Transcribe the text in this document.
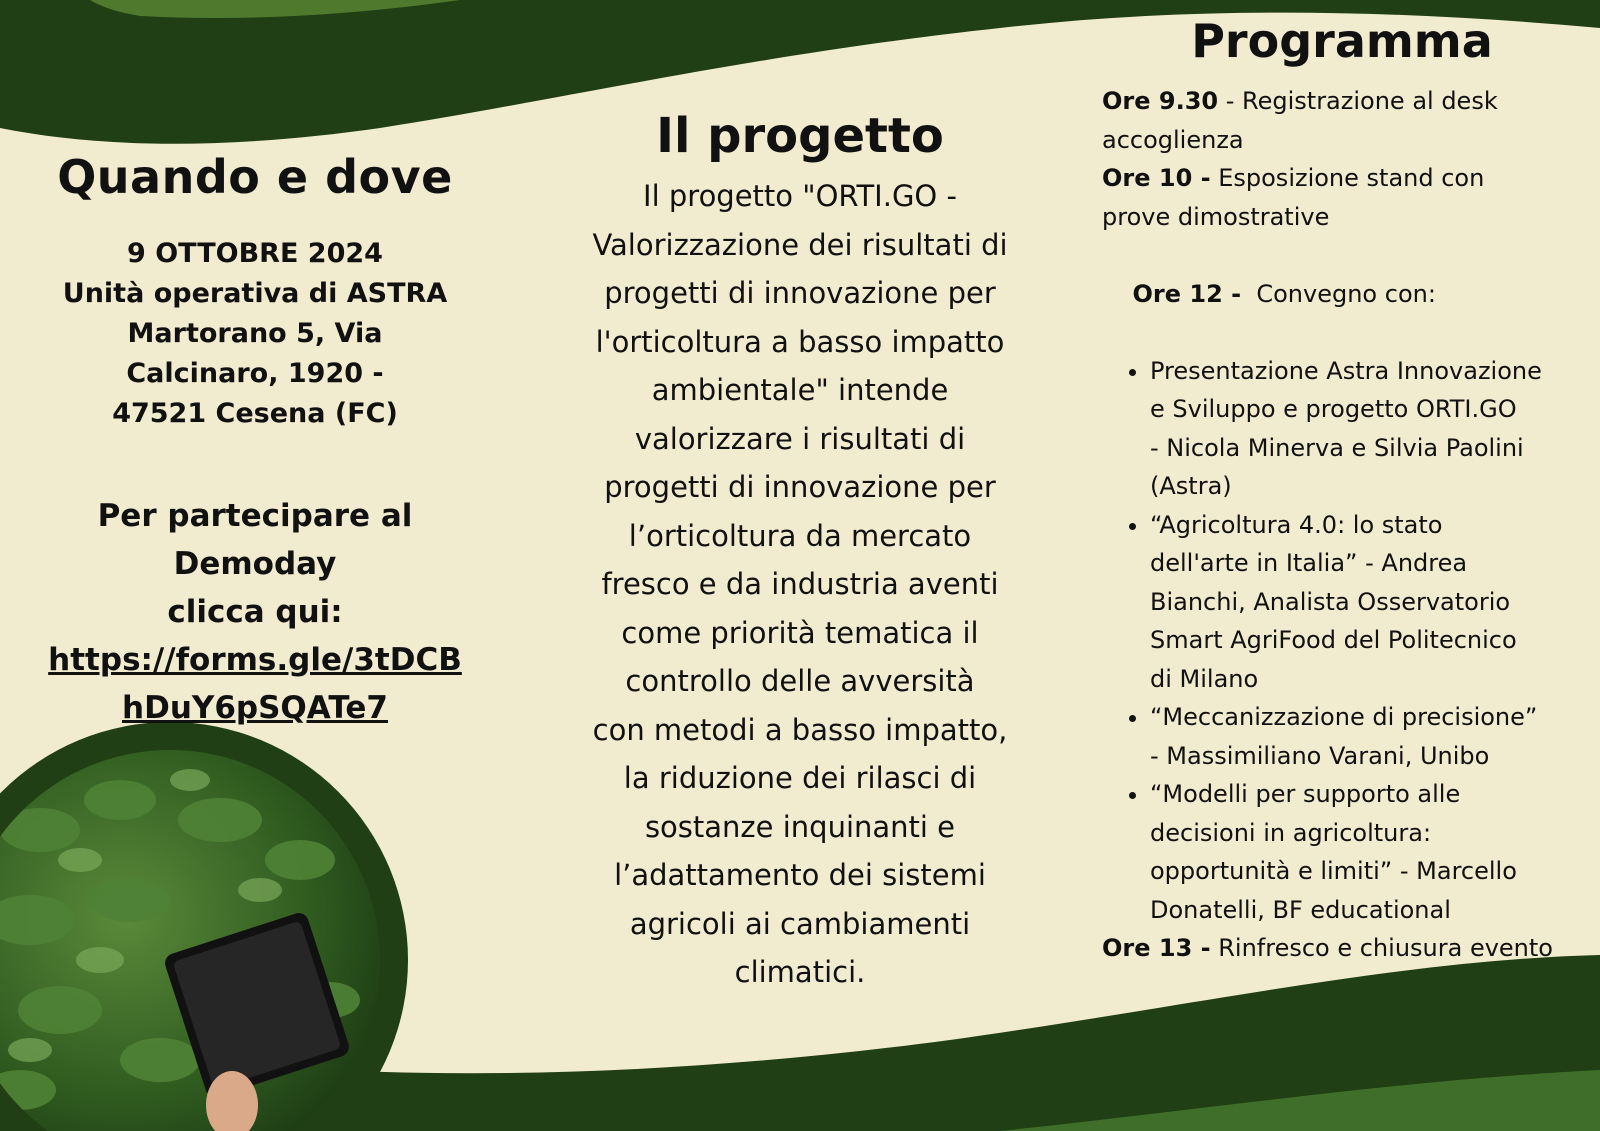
Quando e dove
9 OTTOBRE 2024
Unità operativa di ASTRA
Martorano 5, Via
Calcinaro, 1920 -
47521 Cesena (FC)
Per partecipare al
Demoday
clicca qui:
https://forms.gle/3tDCB
hDuY6pSQATe7
Il progetto

Il progetto "ORTI.GO -
Valorizzazione dei risultati di
progetti di innovazione per
l'orticoltura a basso impatto
ambientale" intende
valorizzare i risultati di
progetti di innovazione per
l’orticoltura da mercato
fresco e da industria aventi
come priorità tematica il
controllo delle avversità
con metodi a basso impatto,
la riduzione dei rilasci di
sostanze inquinanti e
l’adattamento dei sistemi
agricoli ai cambiamenti
climatici.

Programma
Ore 9.30 - Registrazione al desk
accoglienza
Ore 10 - Esposizione stand con
prove dimostrative

Ore 12 -  Convegno con:

• Presentazione Astra Innovazione
e Sviluppo e progetto ORTI.GO
- Nicola Minerva e Silvia Paolini
(Astra)
• “Agricoltura 4.0: lo stato
dell'arte in Italia” - Andrea
Bianchi, Analista Osservatorio
Smart AgriFood del Politecnico
di Milano
• “Meccanizzazione di precisione”
- Massimiliano Varani, Unibo
• “Modelli per supporto alle
decisioni in agricoltura:
opportunità e limiti” - Marcello
Donatelli, BF educational
Ore 13 - Rinfresco e chiusura evento
